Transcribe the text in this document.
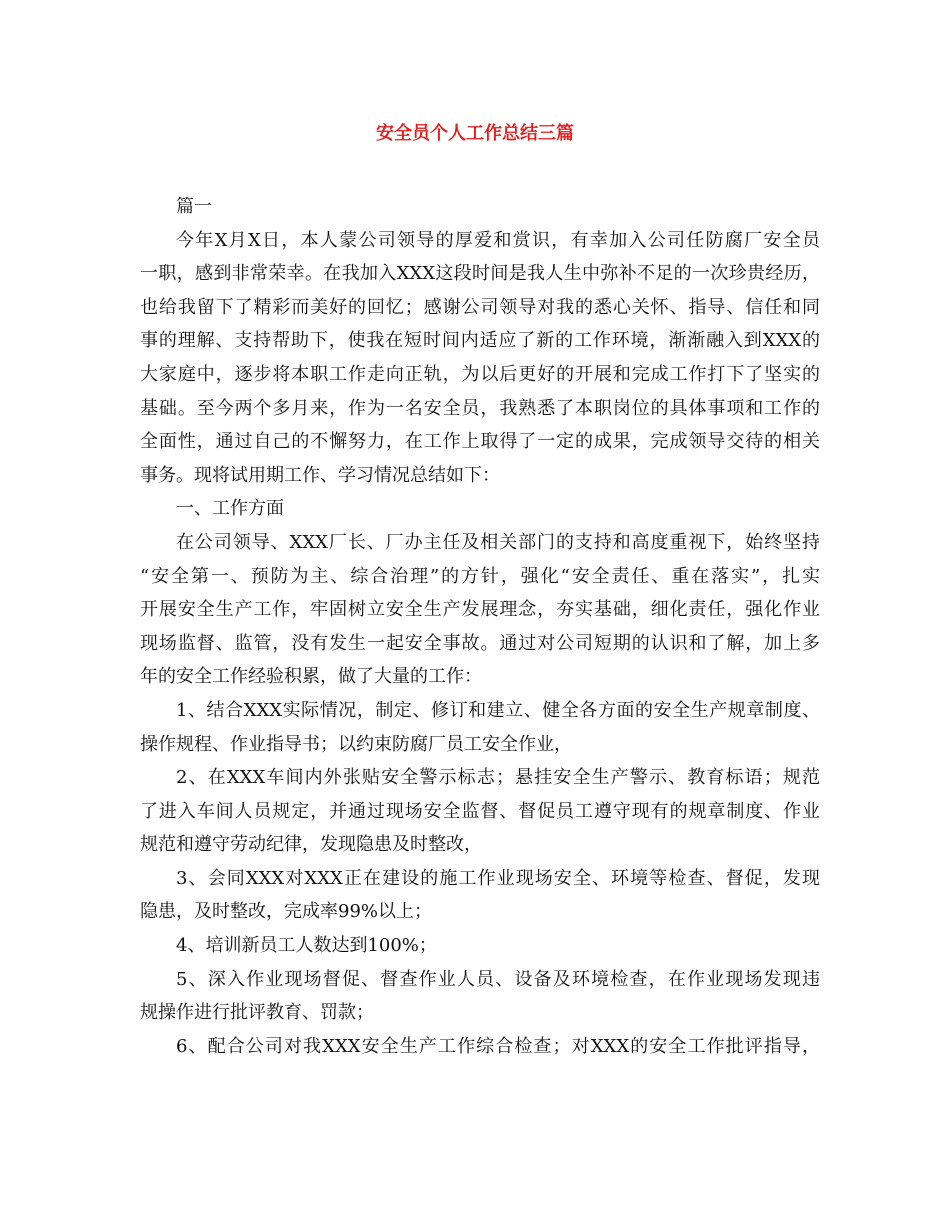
安全员个人工作总结三篇
篇一
今年X月X日，本人蒙公司领导的厚爱和赏识，有幸加入公司任防腐厂安全员
一职，感到非常荣幸。在我加入XXX这段时间是我人生中弥补不足的一次珍贵经历，
也给我留下了精彩而美好的回忆；感谢公司领导对我的悉心关怀、指导、信任和同
事的理解、支持帮助下，使我在短时间内适应了新的工作环境，渐渐融入到XXX的
大家庭中，逐步将本职工作走向正轨，为以后更好的开展和完成工作打下了坚实的
基础。至今两个多月来，作为一名安全员，我熟悉了本职岗位的具体事项和工作的
全面性，通过自己的不懈努力，在工作上取得了一定的成果，完成领导交待的相关
事务。现将试用期工作、学习情况总结如下：
一、工作方面
在公司领导、XXX厂长、厂办主任及相关部门的支持和高度重视下，始终坚持
“安全第一、预防为主、综合治理”的方针，强化“安全责任、重在落实”，扎实
开展安全生产工作，牢固树立安全生产发展理念，夯实基础，细化责任，强化作业
现场监督、监管，没有发生一起安全事故。通过对公司短期的认识和了解，加上多
年的安全工作经验积累，做了大量的工作：
1、结合XXX实际情况，制定、修订和建立、健全各方面的安全生产规章制度、
操作规程、作业指导书；以约束防腐厂员工安全作业，
2、在XXX车间内外张贴安全警示标志；悬挂安全生产警示、教育标语；规范
了进入车间人员规定，并通过现场安全监督、督促员工遵守现有的规章制度、作业
规范和遵守劳动纪律，发现隐患及时整改，
3、会同XXX对XXX正在建设的施工作业现场安全、环境等检查、督促，发现
隐患，及时整改，完成率99%以上；
4、培训新员工人数达到100%；
5、深入作业现场督促、督查作业人员、设备及环境检查，在作业现场发现违
规操作进行批评教育、罚款；
6、配合公司对我XXX安全生产工作综合检查；对XXX的安全工作批评指导，
